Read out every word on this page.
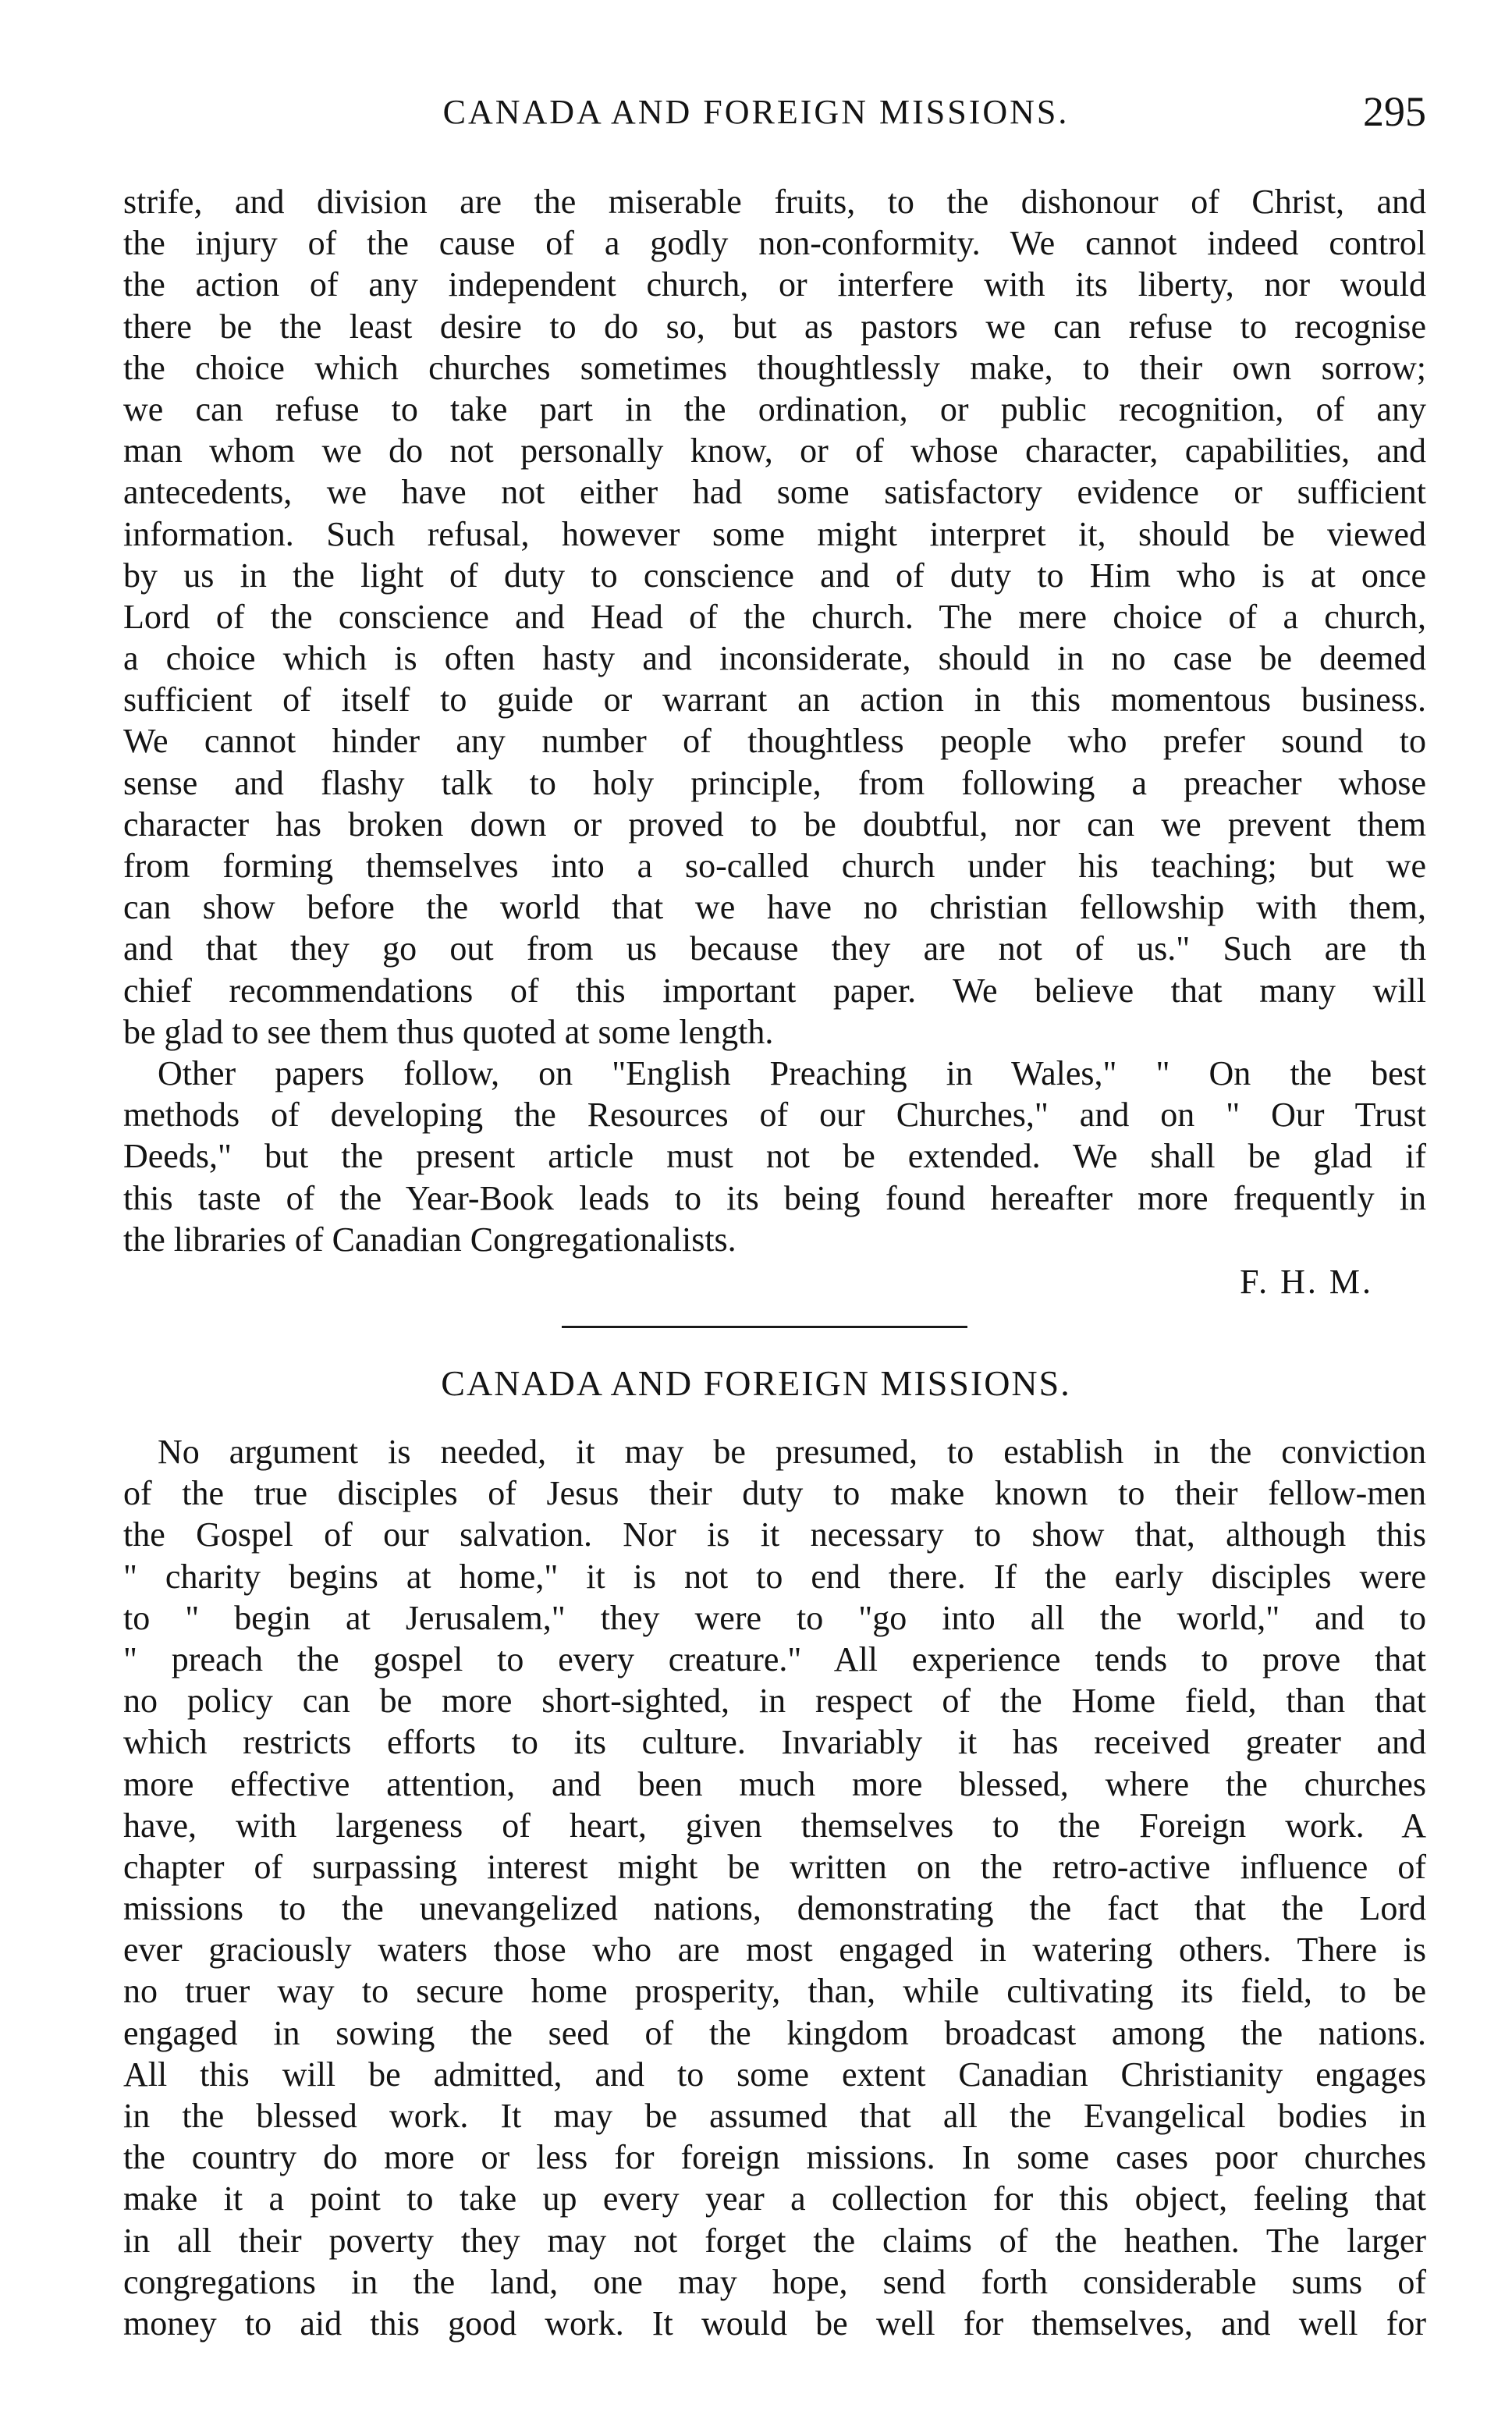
CANADA AND FOREIGN MISSIONS.	295
strife, and division are the miserable fruits, to the dishonour of Christ, and
the injury of the cause of a godly non-conformity. We cannot indeed control
the action of any independent church, or interfere with its liberty, nor would
there be the least desire to do so, but as pastors we can refuse to recognise
the choice which churches sometimes thoughtlessly make, to their own sorrow;
we can refuse to take part in the ordination, or public recognition, of any
man whom we do not personally know, or of whose character, capabilities, and
antecedents, we have not either had some satisfactory evidence or sufficient
information. Such refusal, however some might interpret it, should be viewed
by us in the light of duty to conscience and of duty to Him who is at once
Lord of the conscience and Head of the church. The mere choice of a church,
a choice which is often hasty and inconsiderate, should in no case be deemed
sufficient of itself to guide or warrant an action in this momentous business.
We cannot hinder any number of thoughtless people who prefer sound to
sense and flashy talk to holy principle, from following a preacher whose
character has broken down or proved to be doubtful, nor can we prevent them
from forming themselves into a so-called church under his teaching; but we
can show before the world that we have no christian fellowship with them,
and that they go out from us because they are not of us." Such are th
chief recommendations of this important paper. We believe that many will
be glad to see them thus quoted at some length.
Other papers follow, on "English Preaching in Wales," " On the best
methods of developing the Resources of our Churches," and on " Our Trust
Deeds," but the present article must not be extended. We shall be glad if
this taste of the Year-Book leads to its being found hereafter more frequently in
the libraries of Canadian Congregationalists.
F. H. M.
CANADA AND FOREIGN MISSIONS.
No argument is needed, it may be presumed, to establish in the conviction
of the true disciples of Jesus their duty to make known to their fellow-men
the Gospel of our salvation. Nor is it necessary to show that, although this
" charity begins at home," it is not to end there. If the early disciples were
to " begin at Jerusalem," they were to "go into all the world," and to
" preach the gospel to every creature." All experience tends to prove that
no policy can be more short-sighted, in respect of the Home field, than that
which restricts efforts to its culture. Invariably it has received greater and
more effective attention, and been much more blessed, where the churches
have, with largeness of heart, given themselves to the Foreign work. A
chapter of surpassing interest might be written on the retro-active influence of
missions to the unevangelized nations, demonstrating the fact that the Lord
ever graciously waters those who are most engaged in watering others. There is
no truer way to secure home prosperity, than, while cultivating its field, to be
engaged in sowing the seed of the kingdom broadcast among the nations.
All this will be admitted, and to some extent Canadian Christianity engages
in the blessed work. It may be assumed that all the Evangelical bodies in
the country do more or less for foreign missions. In some cases poor churches
make it a point to take up every year a collection for this object, feeling that
in all their poverty they may not forget the claims of the heathen. The larger
congregations in the land, one may hope, send forth considerable sums of
money to aid this good work. It would be well for themselves, and well for
